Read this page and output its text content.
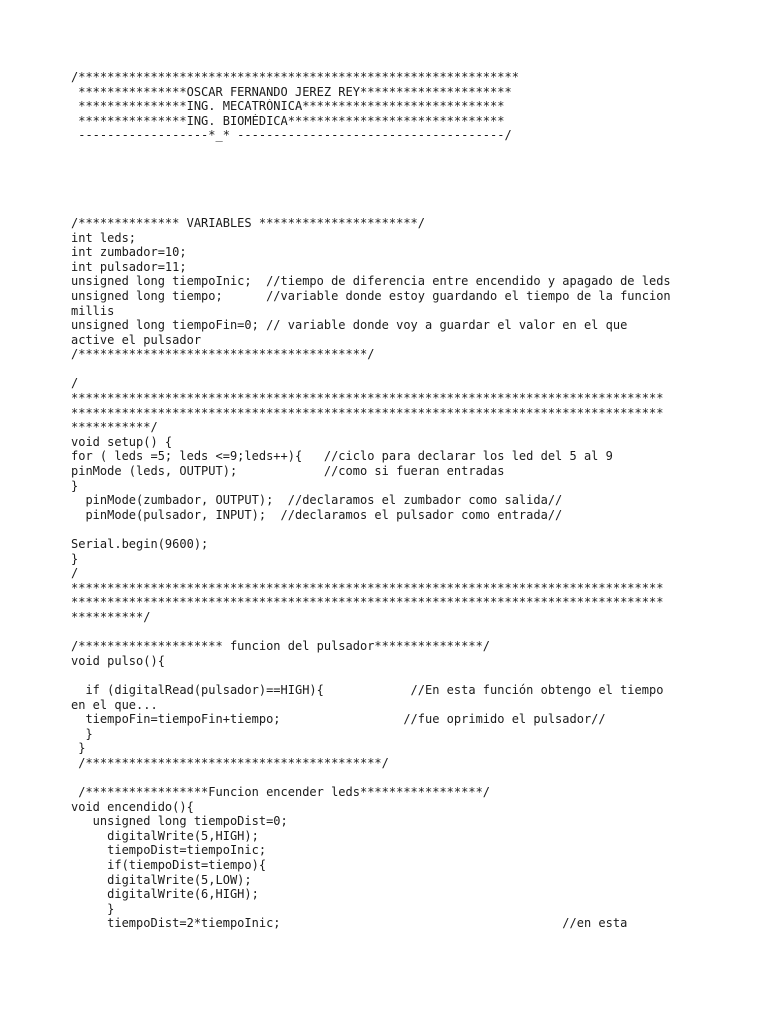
/*************************************************************
***************OSCAR FERNANDO JEREZ REY*********************
***************ING. MECATRÓNICA****************************
***************ING. BIOMÉDICA******************************
------------------*_* -------------------------------------/
/************** VARIABLES **********************/
int leds;
int zumbador=10;
int pulsador=11;
unsigned long tiempoInic;  //tiempo de diferencia entre encendido y apagado de leds
unsigned long tiempo;      //variable donde estoy guardando el tiempo de la funcion
millis
unsigned long tiempoFin=0; // variable donde voy a guardar el valor en el que
active el pulsador
/****************************************/
/
**********************************************************************************
**********************************************************************************
***********/
void setup() {
for ( leds =5; leds <=9;leds++){   //ciclo para declarar los led del 5 al 9
pinMode (leds, OUTPUT);            //como si fueran entradas
}
pinMode(zumbador, OUTPUT);  //declaramos el zumbador como salida//
pinMode(pulsador, INPUT);  //declaramos el pulsador como entrada//
Serial.begin(9600);
}
/
**********************************************************************************
**********************************************************************************
**********/
/******************** funcion del pulsador***************/
void pulso(){
if (digitalRead(pulsador)==HIGH){            //En esta función obtengo el tiempo
en el que...
tiempoFin=tiempoFin+tiempo;                 //fue oprimido el pulsador//
}
}
/*****************************************/
/*****************Funcion encender leds*****************/
void encendido(){
unsigned long tiempoDist=0;
digitalWrite(5,HIGH);
tiempoDist=tiempoInic;
if(tiempoDist=tiempo){
digitalWrite(5,LOW);
digitalWrite(6,HIGH);
}
tiempoDist=2*tiempoInic;                                       //en esta
